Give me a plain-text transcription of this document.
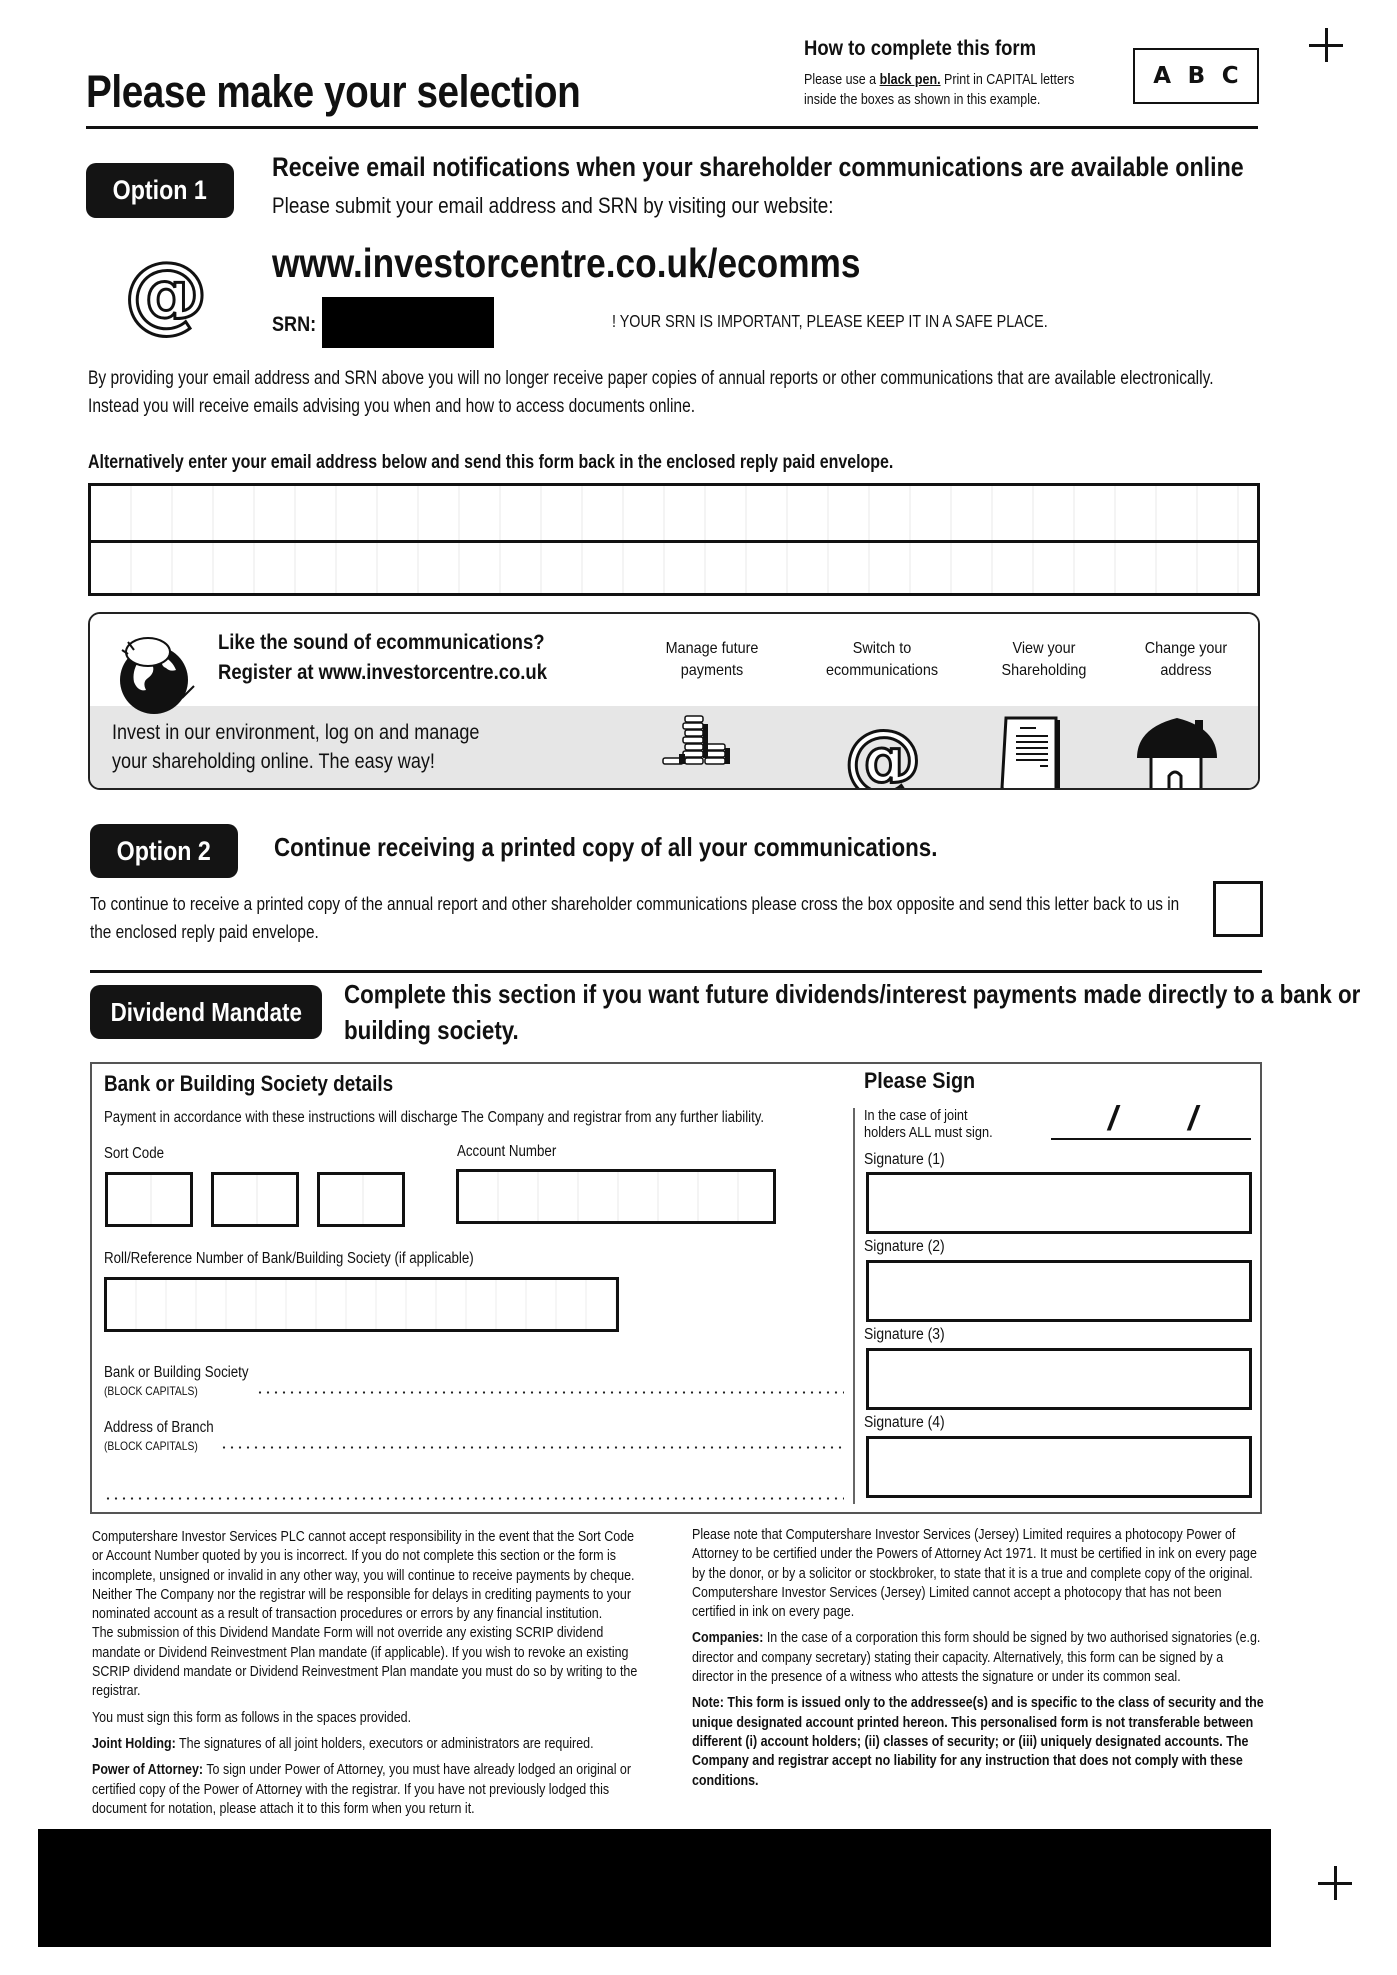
Please make your selection
How to complete this form
Please use a black pen. Print in CAPITAL letters inside the boxes as shown in this example.
A B C
Option 1
Receive email notifications when your shareholder communications are available online
Please submit your email address and SRN by visiting our website:
@ www.investorcentre.co.uk/ecomms
SRN:	! YOUR SRN IS IMPORTANT, PLEASE KEEP IT IN A SAFE PLACE.
By providing your email address and SRN above you will no longer receive paper copies of annual reports or other communications that are available electronically. Instead you will receive emails advising you when and how to access documents online.
Alternatively enter your email address below and send this form back in the enclosed reply paid envelope.
Like the sound of ecommunications?
Register at www.investorcentre.co.uk
Invest in our environment, log on and manage
your shareholding online. The easy way!
Manage future
payments
Switch to
ecommunications
View your
Shareholding
Change your
address
@
Option 2 Continue receiving a printed copy of all your communications.
To continue to receive a printed copy of the annual report and other shareholder communications please cross the box opposite and send this letter back to us in the enclosed reply paid envelope.
Dividend Mandate
Complete this section if you want future dividends/interest payments made directly to a bank or building society.
Bank or Building Society details
Payment in accordance with these instructions will discharge The Company and registrar from any further liability.
Sort Code	Account Number
Roll/Reference Number of Bank/Building Society (if applicable)
Bank or Building Society
(BLOCK CAPITALS)
Address of Branch
(BLOCK CAPITALS)
Please Sign
In the case of joint
holders ALL must sign.	/ /
Signature (1)
Signature (2)
Signature (3)
Signature (4)

Computershare Investor Services PLC cannot accept responsibility in the event that the Sort Code or Account Number quoted by you is incorrect. If you do not complete this section or the form is incomplete, unsigned or invalid in any other way, you will continue to receive payments by cheque. Neither The Company nor the registrar will be responsible for delays in crediting payments to your nominated account as a result of transaction procedures or errors by any financial institution.

The submission of this Dividend Mandate Form will not override any existing SCRIP dividend mandate or Dividend Reinvestment Plan mandate (if applicable). If you wish to revoke an existing SCRIP dividend mandate or Dividend Reinvestment Plan mandate you must do so by writing to the registrar.

You must sign this form as follows in the spaces provided.

Joint Holding: The signatures of all joint holders, executors or administrators are required.

Power of Attorney: To sign under Power of Attorney, you must have already lodged an original or certified copy of the Power of Attorney with the registrar. If you have not previously lodged this document for notation, please attach it to this form when you return it.

Please note that Computershare Investor Services (Jersey) Limited requires a photocopy Power of Attorney to be certified under the Powers of Attorney Act 1971. It must be certified in ink on every page by the donor, or by a solicitor or stockbroker, to state that it is a true and complete copy of the original. Computershare Investor Services (Jersey) Limited cannot accept a photocopy that has not been certified in ink on every page.

Companies: In the case of a corporation this form should be signed by two authorised signatories (e.g. director and company secretary) stating their capacity. Alternatively, this form can be signed by a director in the presence of a witness who attests the signature or under its common seal.

Note: This form is issued only to the addressee(s) and is specific to the class of security and the unique designated account printed hereon. This personalised form is not transferable between different (i) account holders; (ii) classes of security; or (iii) uniquely designated accounts. The Company and registrar accept no liability for any instruction that does not comply with these conditions.
